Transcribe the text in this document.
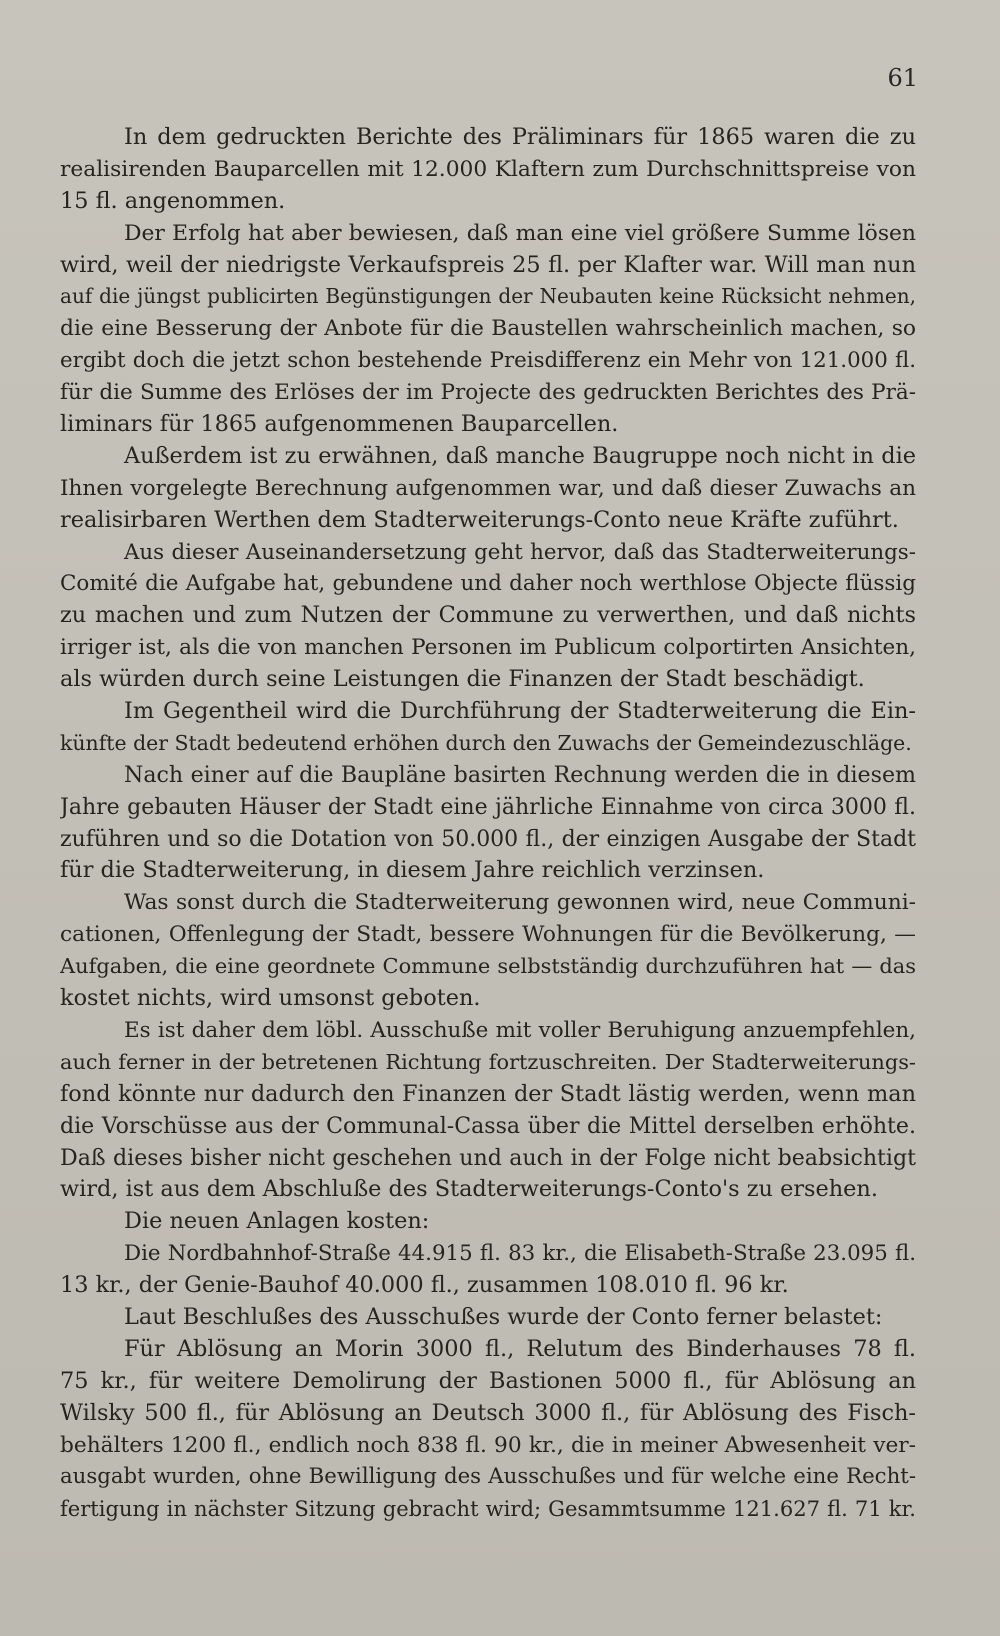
61
In dem gedruckten Berichte des Präliminars für 1865 waren die zu
realisirenden Bauparcellen mit 12.000 Klaftern zum Durchschnittspreise von
15 fl. angenommen.
Der Erfolg hat aber bewiesen, daß man eine viel größere Summe lösen
wird, weil der niedrigste Verkaufspreis 25 fl. per Klafter war. Will man nun
auf die jüngst publicirten Begünstigungen der Neubauten keine Rücksicht nehmen,
die eine Besserung der Anbote für die Baustellen wahrscheinlich machen, so
ergibt doch die jetzt schon bestehende Preisdifferenz ein Mehr von 121.000 fl.
für die Summe des Erlöses der im Projecte des gedruckten Berichtes des Prä-
liminars für 1865 aufgenommenen Bauparcellen.
Außerdem ist zu erwähnen, daß manche Baugruppe noch nicht in die
Ihnen vorgelegte Berechnung aufgenommen war, und daß dieser Zuwachs an
realisirbaren Werthen dem Stadterweiterungs-Conto neue Kräfte zuführt.
Aus dieser Auseinandersetzung geht hervor, daß das Stadterweiterungs-
Comité die Aufgabe hat, gebundene und daher noch werthlose Objecte flüssig
zu machen und zum Nutzen der Commune zu verwerthen, und daß nichts
irriger ist, als die von manchen Personen im Publicum colportirten Ansichten,
als würden durch seine Leistungen die Finanzen der Stadt beschädigt.
Im Gegentheil wird die Durchführung der Stadterweiterung die Ein-
künfte der Stadt bedeutend erhöhen durch den Zuwachs der Gemeindezuschläge.
Nach einer auf die Baupläne basirten Rechnung werden die in diesem
Jahre gebauten Häuser der Stadt eine jährliche Einnahme von circa 3000 fl.
zuführen und so die Dotation von 50.000 fl., der einzigen Ausgabe der Stadt
für die Stadterweiterung, in diesem Jahre reichlich verzinsen.
Was sonst durch die Stadterweiterung gewonnen wird, neue Communi-
cationen, Offenlegung der Stadt, bessere Wohnungen für die Bevölkerung, —
Aufgaben, die eine geordnete Commune selbstständig durchzuführen hat — das
kostet nichts, wird umsonst geboten.
Es ist daher dem löbl. Ausschuße mit voller Beruhigung anzuempfehlen,
auch ferner in der betretenen Richtung fortzuschreiten. Der Stadterweiterungs-
fond könnte nur dadurch den Finanzen der Stadt lästig werden, wenn man
die Vorschüsse aus der Communal-Cassa über die Mittel derselben erhöhte.
Daß dieses bisher nicht geschehen und auch in der Folge nicht beabsichtigt
wird, ist aus dem Abschluße des Stadterweiterungs-Conto's zu ersehen.
Die neuen Anlagen kosten:
Die Nordbahnhof-Straße 44.915 fl. 83 kr., die Elisabeth-Straße 23.095 fl.
13 kr., der Genie-Bauhof 40.000 fl., zusammen 108.010 fl. 96 kr.
Laut Beschlußes des Ausschußes wurde der Conto ferner belastet:
Für Ablösung an Morin 3000 fl., Relutum des Binderhauses 78 fl.
75 kr., für weitere Demolirung der Bastionen 5000 fl., für Ablösung an
Wilsky 500 fl., für Ablösung an Deutsch 3000 fl., für Ablösung des Fisch-
behälters 1200 fl., endlich noch 838 fl. 90 kr., die in meiner Abwesenheit ver-
ausgabt wurden, ohne Bewilligung des Ausschußes und für welche eine Recht-
fertigung in nächster Sitzung gebracht wird; Gesammtsumme 121.627 fl. 71 kr.
